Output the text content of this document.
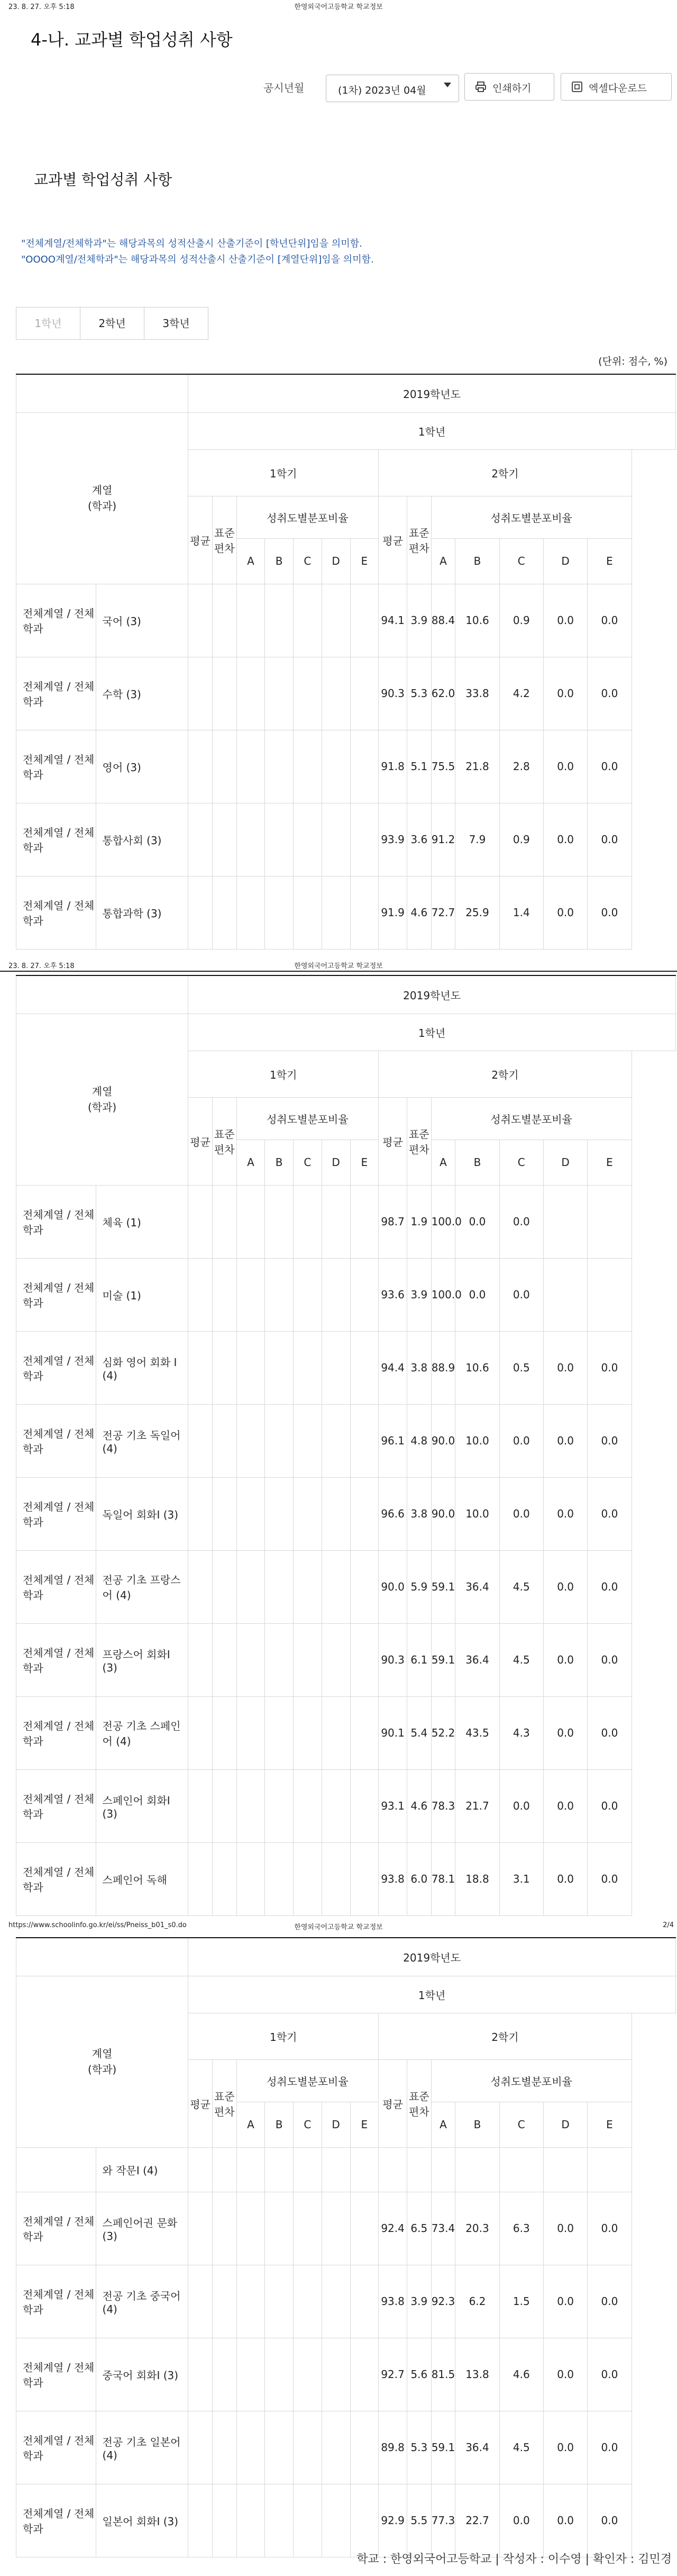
23. 8. 27. 오후 5:18	한영외국어고등학교 학교정보
4-나. 교과별 학업성취 사항
공시년월	(1차) 2023년 04월	인쇄하기	엑셀다운로드
교과별 학업성취 사항
"전체계열/전체학과"는 해당과목의 성적산출시 산출기준이 [학년단위]임을 의미함.
"OOOO계열/전체학과"는 해당과목의 성적산출시 산출기준이 [계열단위]임을 의미함.
1학년	2학년	3학년
(단위: 점수, %)
		2019학년도													

계열
(학과)		1학년													
		1학기							2학기						
		평균	표준편차	성취도별분포비율					평균	표준편차	성취도별분포비율				
				A	B	C	D	E			A	B	C	D	E
전체계열 / 전체학과	국어 (3)								94.1	3.9	88.4	10.6	0.9	0.0	0.0
전체계열 / 전체학과	수학 (3)								90.3	5.3	62.0	33.8	4.2	0.0	0.0
전체계열 / 전체학과	영어 (3)								91.8	5.1	75.5	21.8	2.8	0.0	0.0
전체계열 / 전체학과	통합사회 (3)								93.9	3.6	91.2	7.9	0.9	0.0	0.0
전체계열 / 전체학과	통합과학 (3)								91.9	4.6	72.7	25.9	1.4	0.0	0.0
23. 8. 27. 오후 5:18	한영외국어고등학교 학교정보
		2019학년도													

계열
(학과)		1학년													
		1학기							2학기						
		평균	표준편차	성취도별분포비율					평균	표준편차	성취도별분포비율				
				A	B	C	D	E			A	B	C	D	E
전체계열 / 전체학과	체육 (1)								98.7	1.9	100.0	0.0	0.0		
전체계열 / 전체학과	미술 (1)								93.6	3.9	100.0	0.0	0.0		
전체계열 / 전체학과	심화 영어 회화 Ⅰ (4)								94.4	3.8	88.9	10.6	0.5	0.0	0.0
전체계열 / 전체학과	전공 기초 독일어 (4)								96.1	4.8	90.0	10.0	0.0	0.0	0.0
전체계열 / 전체학과	독일어 회화Ⅰ (3)								96.6	3.8	90.0	10.0	0.0	0.0	0.0
전체계열 / 전체학과	전공 기초 프랑스어 (4)								90.0	5.9	59.1	36.4	4.5	0.0	0.0
전체계열 / 전체학과	프랑스어 회화Ⅰ (3)								90.3	6.1	59.1	36.4	4.5	0.0	0.0
전체계열 / 전체학과	전공 기초 스페인어 (4)								90.1	5.4	52.2	43.5	4.3	0.0	0.0
전체계열 / 전체학과	스페인어 회화Ⅰ (3)								93.1	4.6	78.3	21.7	0.0	0.0	0.0
전체계열 / 전체학과	스페인어 독해								93.8	6.0	78.1	18.8	3.1	0.0	0.0
https://www.schoolinfo.go.kr/ei/ss/Pneiss_b01_s0.do	한영외국어고등학교 학교정보	2/4
		2019학년도													

계열
(학과)		1학년													
		1학기							2학기						
		평균	표준편차	성취도별분포비율					평균	표준편차	성취도별분포비율				
				A	B	C	D	E			A	B	C	D	E
	와 작문Ⅰ (4)														
전체계열 / 전체학과	스페인어권 문화 (3)								92.4	6.5	73.4	20.3	6.3	0.0	0.0
전체계열 / 전체학과	전공 기초 중국어 (4)								93.8	3.9	92.3	6.2	1.5	0.0	0.0
전체계열 / 전체학과	중국어 회화Ⅰ (3)								92.7	5.6	81.5	13.8	4.6	0.0	0.0
전체계열 / 전체학과	전공 기초 일본어 (4)								89.8	5.3	59.1	36.4	4.5	0.0	0.0
전체계열 / 전체학과	일본어 회화Ⅰ (3)								92.9	5.5	77.3	22.7	0.0	0.0	0.0
학교 : 한영외국어고등학교 | 작성자 : 이수영 | 확인자 : 김민경
